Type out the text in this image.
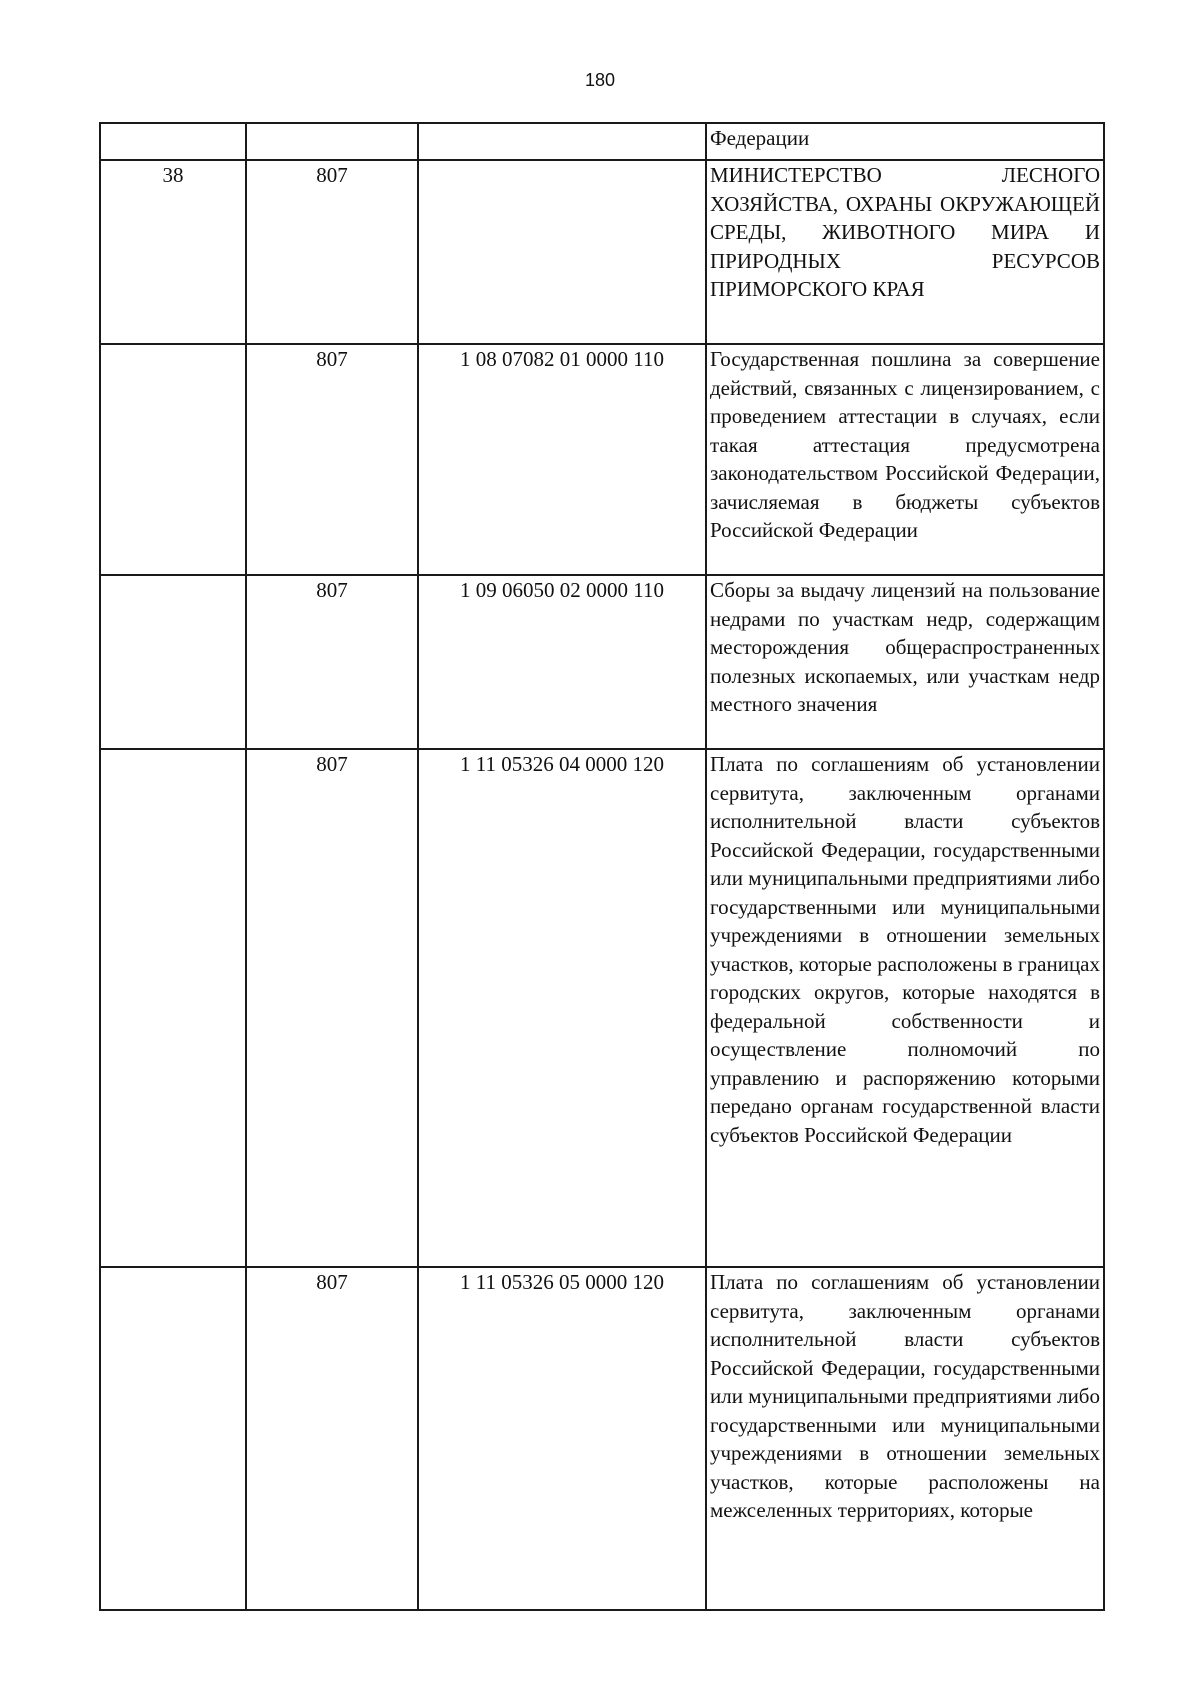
180
			Федерации
38	807		МИНИСТЕРСТВО ЛЕСНОГО ХОЗЯЙСТВА, ОХРАНЫ ОКРУЖАЮЩЕЙ СРЕДЫ, ЖИВОТНОГО МИРА И ПРИРОДНЫХ РЕСУРСОВ ПРИМОРСКОГО КРАЯ
	807	1 08 07082 01 0000 110	Государственная пошлина за совершение действий, связанных с лицензированием, с проведением аттестации в случаях, если такая аттестация предусмотрена законодательством Российской Федерации, зачисляемая в бюджеты субъектов Российской Федерации
	807	1 09 06050 02 0000 110	Сборы за выдачу лицензий на пользование недрами по участкам недр, содержащим месторождения общераспространенных полезных ископаемых, или участкам недр местного значения
	807	1 11 05326 04 0000 120	Плата по соглашениям об установлении сервитута, заключенным органами исполнительной власти субъектов Российской Федерации, государственными или муниципальными предприятиями либо государственными или муниципальными учреждениями в отношении земельных участков, которые расположены в границах городских округов, которые находятся в федеральной собственности и осуществление полномочий по управлению и распоряжению которыми передано органам государственной власти субъектов Российской Федерации
	807	1 11 05326 05 0000 120	Плата по соглашениям об установлении сервитута, заключенным органами исполнительной власти субъектов Российской Федерации, государственными или муниципальными предприятиями либо государственными или муниципальными учреждениями в отношении земельных участков, которые расположены на межселенных территориях, которые
